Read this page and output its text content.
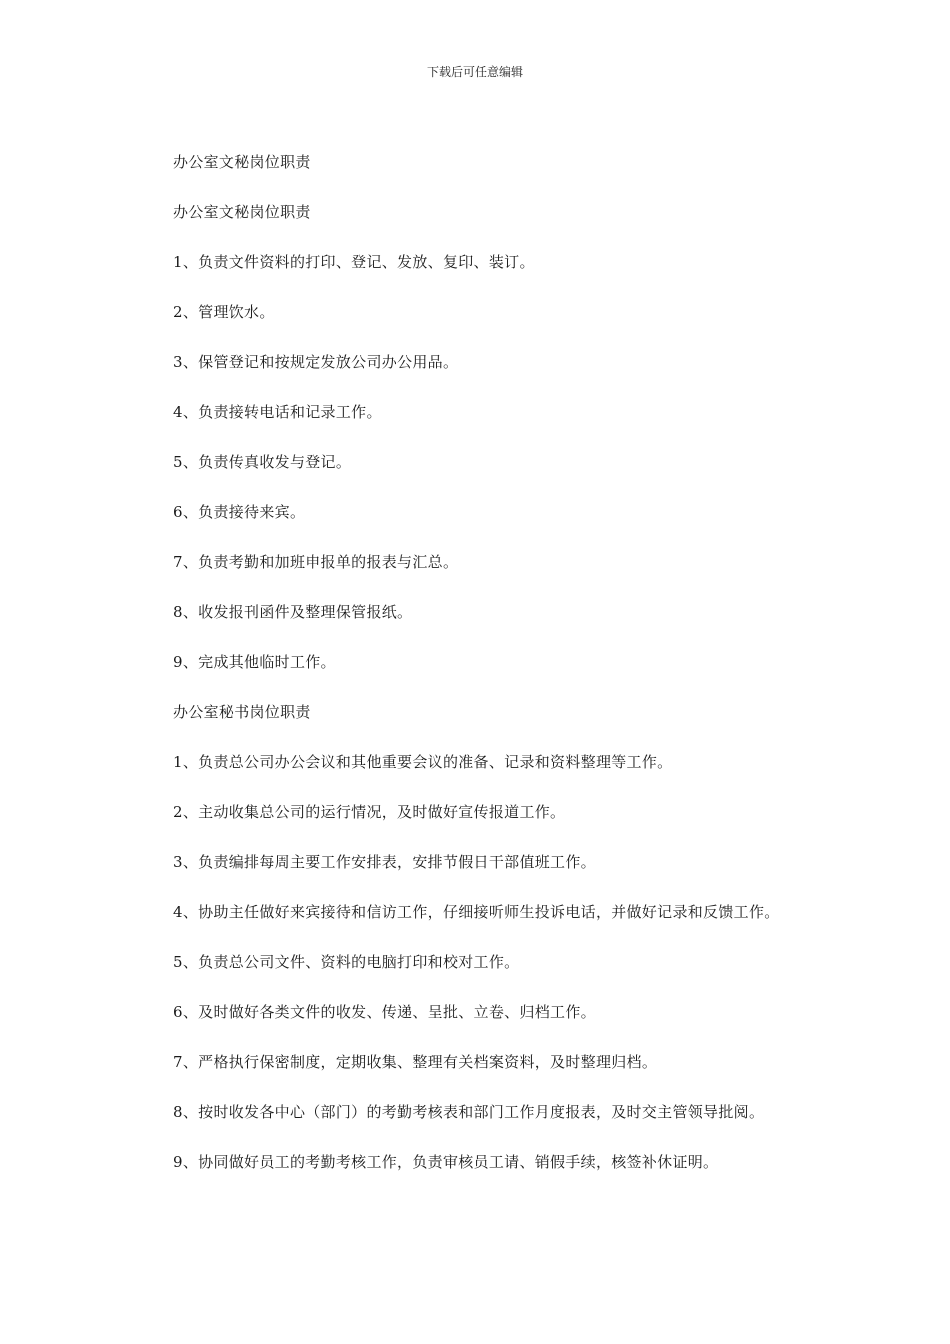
下载后可任意编辑

办公室文秘岗位职责

办公室文秘岗位职责

1、负责文件资料的打印、登记、发放、复印、装订。

2、管理饮水。

3、保管登记和按规定发放公司办公用品。

4、负责接转电话和记录工作。

5、负责传真收发与登记。

6、负责接待来宾。

7、负责考勤和加班申报单的报表与汇总。

8、收发报刊函件及整理保管报纸。

9、完成其他临时工作。

办公室秘书岗位职责

1、负责总公司办公会议和其他重要会议的准备、记录和资料整理等工作。

2、主动收集总公司的运行情况，及时做好宣传报道工作。

3、负责编排每周主要工作安排表，安排节假日干部值班工作。

4、协助主任做好来宾接待和信访工作，仔细接听师生投诉电话，并做好记录和反馈工作。

5、负责总公司文件、资料的电脑打印和校对工作。

6、及时做好各类文件的收发、传递、呈批、立卷、归档工作。

7、严格执行保密制度，定期收集、整理有关档案资料，及时整理归档。

8、按时收发各中心（部门）的考勤考核表和部门工作月度报表，及时交主管领导批阅。

9、协同做好员工的考勤考核工作，负责审核员工请、销假手续，核签补休证明。
